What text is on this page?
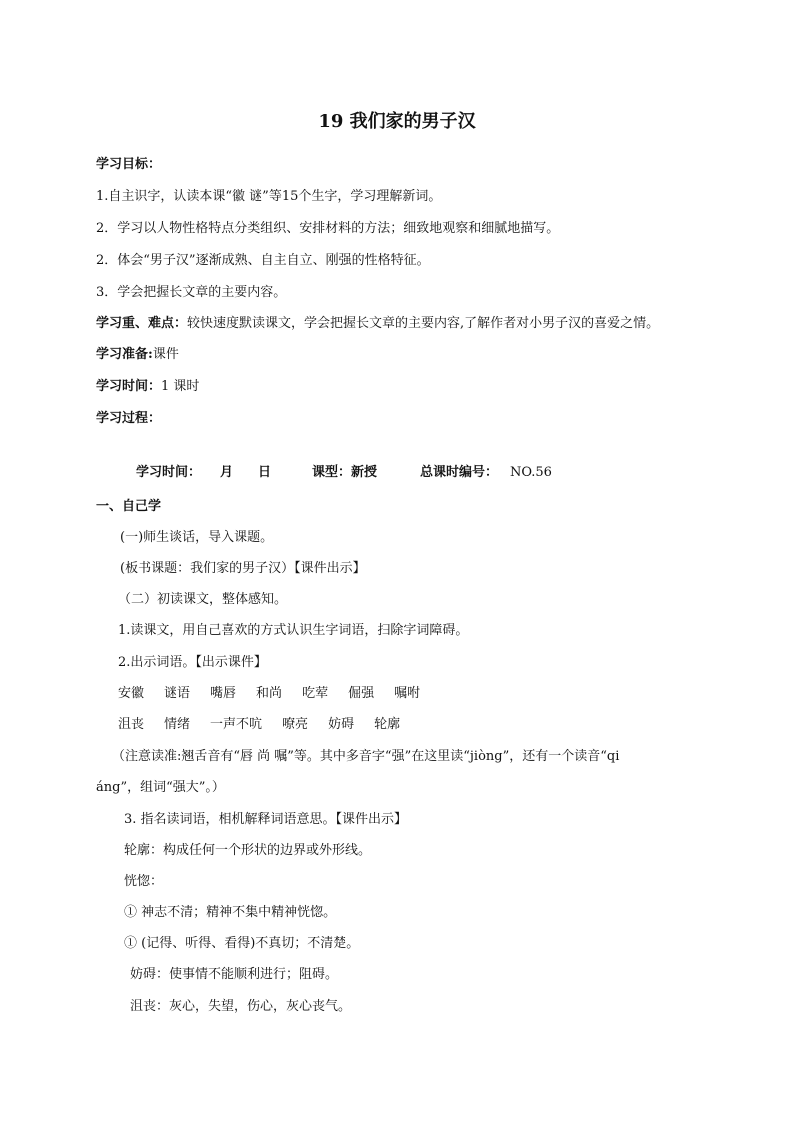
19 我们家的男子汉
学习目标：
1.自主识字，认读本课“徽 谜”等15个生字，学习理解新词。
2．学习以人物性格特点分类组织、安排材料的方法；细致地观察和细腻地描写。
2．体会“男子汉”逐渐成熟、自主自立、刚强的性格特征。
3．学会把握长文章的主要内容。
学习重、难点：较快速度默读课文，学会把握长文章的主要内容,了解作者对小男子汉的喜爱之情。
学习准备:课件
学习时间：1 课时
学习过程：
学习时间： 月 日	课型：新授	总课时编号： NO.56
一、自己学
(一)师生谈话，导入课题。
(板书课题：我们家的男子汉）【课件出示】
（二）初读课文，整体感知。
1.读课文，用自己喜欢的方式认识生字词语，扫除字词障碍。
2.出示词语。【出示课件】
安徽 谜语 嘴唇 和尚 吃荤 倔强 嘱咐
沮丧 情绪 一声不吭 嘹亮 妨碍 轮廓
（注意读准:翘舌音有“唇 尚 嘱”等。其中多音字“强”在这里读“jiòng”，还有一个读音“qi
áng”，组词“强大”。）
3. 指名读词语，相机解释词语意思。【课件出示】
轮廓：构成任何一个形状的边界或外形线。
恍惚：
① 神志不清；精神不集中精神恍惚。
① (记得、听得、看得)不真切；不清楚。
妨碍：使事情不能顺利进行；阻碍。
沮丧：灰心，失望，伤心，灰心丧气。
